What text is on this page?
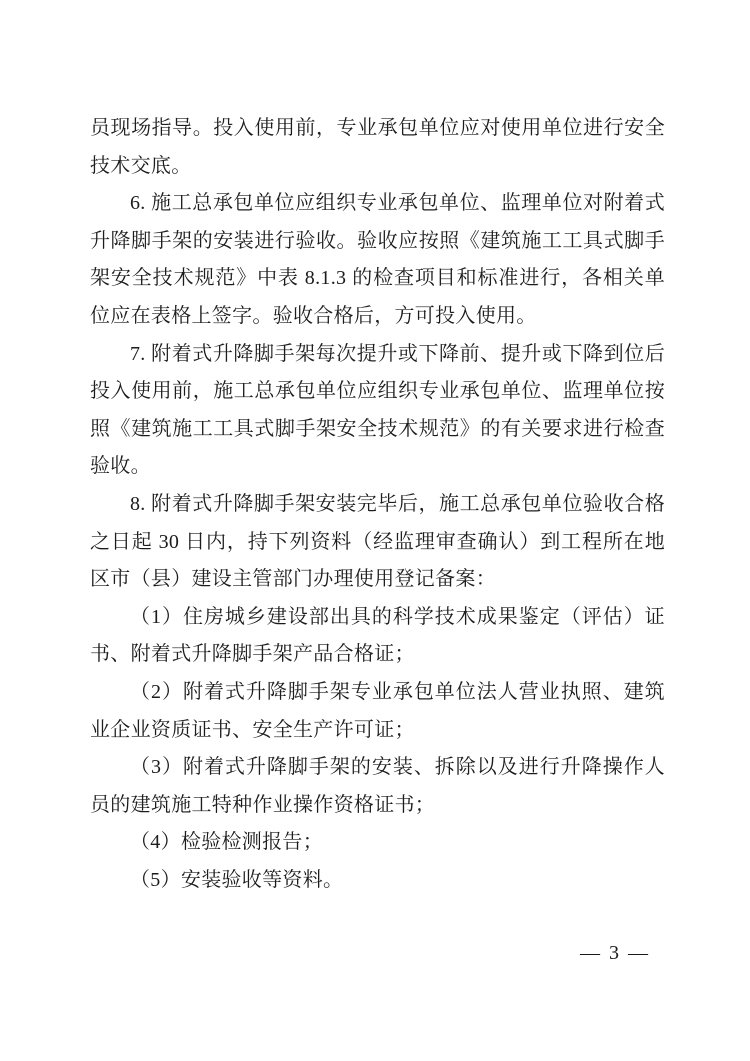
员现场指导。投入使用前，专业承包单位应对使用单位进行安全技术交底。

6. 施工总承包单位应组织专业承包单位、监理单位对附着式升降脚手架的安装进行验收。验收应按照《建筑施工工具式脚手架安全技术规范》中表 8.1.3 的检查项目和标准进行，各相关单位应在表格上签字。验收合格后，方可投入使用。

7. 附着式升降脚手架每次提升或下降前、提升或下降到位后投入使用前，施工总承包单位应组织专业承包单位、监理单位按照《建筑施工工具式脚手架安全技术规范》的有关要求进行检查验收。

8. 附着式升降脚手架安装完毕后，施工总承包单位验收合格之日起 30 日内，持下列资料（经监理审查确认）到工程所在地区市（县）建设主管部门办理使用登记备案：

（1）住房城乡建设部出具的科学技术成果鉴定（评估）证书、附着式升降脚手架产品合格证；

（2）附着式升降脚手架专业承包单位法人营业执照、建筑业企业资质证书、安全生产许可证；

（3）附着式升降脚手架的安装、拆除以及进行升降操作人员的建筑施工特种作业操作资格证书；

（4）检验检测报告；

（5）安装验收等资料。

— 3 —
